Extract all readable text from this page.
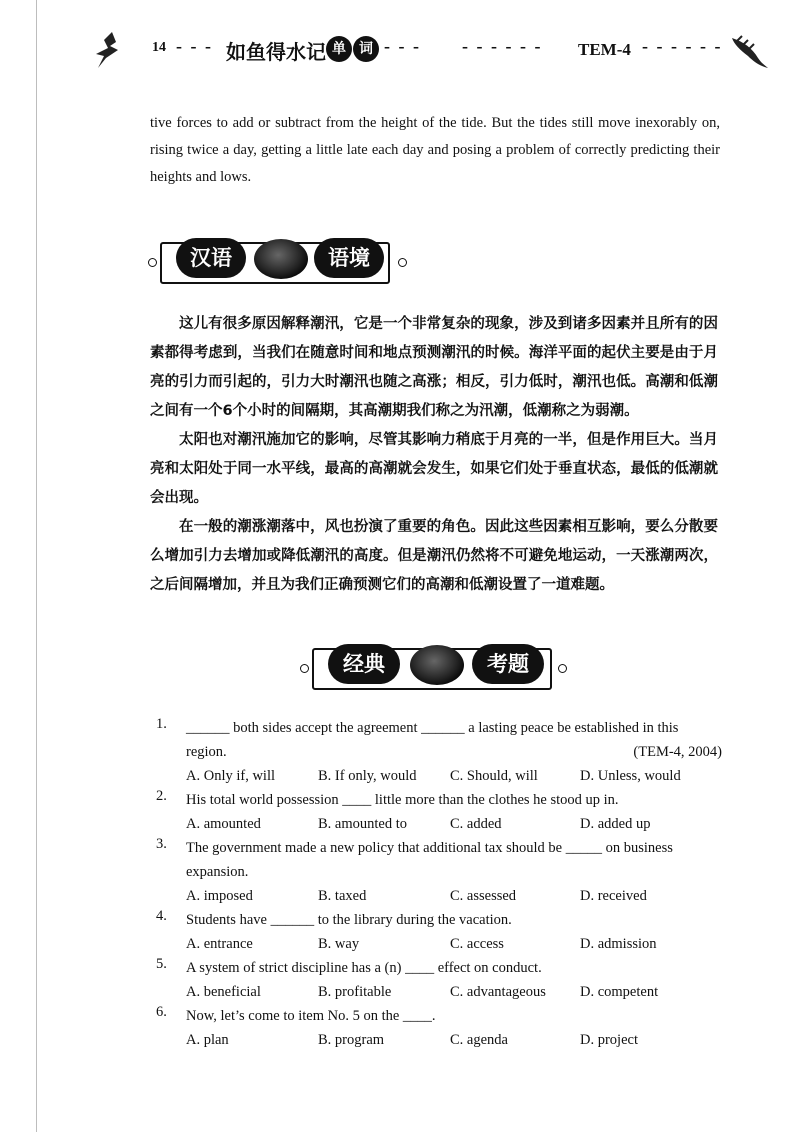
14 - - - 如鱼得水记 单 词 - - - - - - - - - TEM-4 - - - - - -
tive forces to add or subtract from the height of the tide. But the tides still move inexorably on, rising twice a day, getting a little late each day and posing a problem of correctly predicting their heights and lows.
汉语	语境

这儿有很多原因解释潮汛，它是一个非常复杂的现象，涉及到诸多因素并且所有的因素都得考虑到，当我们在随意时间和地点预测潮汛的时候。海洋平面的起伏主要是由于月亮的引力而引起的，引力大时潮汛也随之高涨；相反，引力低时，潮汛也低。高潮和低潮之间有一个6个小时的间隔期，其高潮期我们称之为汛潮，低潮称之为弱潮。

太阳也对潮汛施加它的影响，尽管其影响力稍底于月亮的一半，但是作用巨大。当月亮和太阳处于同一水平线，最高的高潮就会发生，如果它们处于垂直状态，最低的低潮就会出现。

在一般的潮涨潮落中，风也扮演了重要的角色。因此这些因素相互影响，要么分散要么增加引力去增加或降低潮汛的高度。但是潮汛仍然将不可避免地运动，一天涨潮两次，之后间隔增加，并且为我们正确预测它们的高潮和低潮设置了一道难题。

经典	考题
1. ______ both sides accept the agreement ______ a lasting peace be established in this region.	(TEM-4, 2004)
A. Only if, will	B. If only, would C. Should, will	D. Unless, would
2. His total world possession ____ little more than the clothes he stood up in.
A. amounted	B. amounted to	C. added	D. added up
3. The government made a new policy that additional tax should be _____ on business expansion.
A. imposed	B. taxed	C. assessed	D. received
4. Students have ______ to the library during the vacation.
A. entrance	B. way	C. access	D. admission
5. A system of strict discipline has a (n) ____ effect on conduct.
A. beneficial	B. profitable	C. advantageous D. competent
6. Now, let’s come to item No. 5 on the ____.
A. plan	B. program	C. agenda	D. project
